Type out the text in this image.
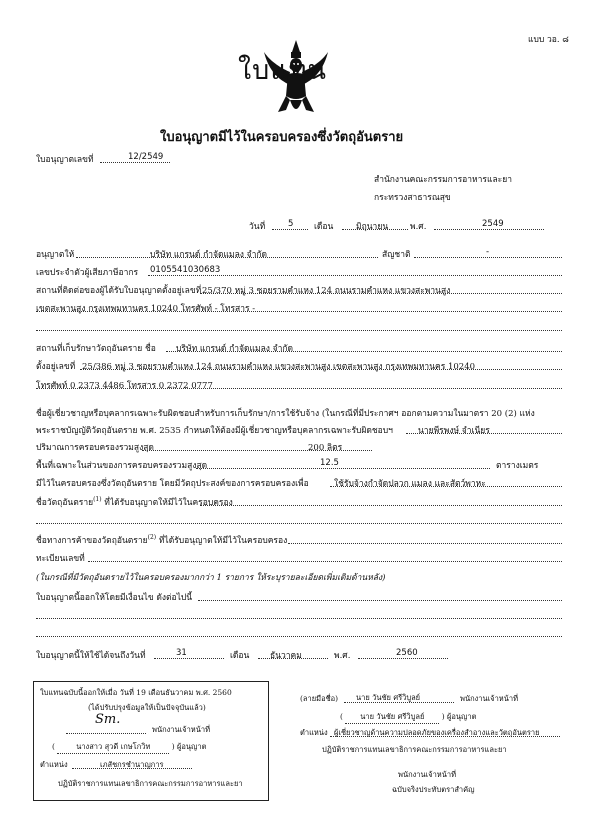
แบบ วอ. ๘
ใบแทน
ใบอนุญาตมีไว้ในครอบครองซึ่งวัตถุอันตราย
ใบอนุญาตเลขที่	12/2549
สำนักงานคณะกรรมการอาหารและยา
กระทรวงสาธารณสุข
วันที่	5 เดือน	มิถุนายน	พ.ศ.	2549
อนุญาตให้	บริษัท แกรนด์ กำจัดแมลง จำกัด	สัญชาติ	-
เลขประจำตัวผู้เสียภาษีอากร 0105541030683
สถานที่ติดต่อของผู้ได้รับใบอนุญาตตั้งอยู่เลขที่ 25/370 หมู่ 3 ซอยรามคำแหง 124 ถนนรามคำแหง แขวงสะพานสูง
เขตสะพานสูง กรุงเทพมหานคร 10240 โทรศัพท์ - โทรสาร -
สถานที่เก็บรักษาวัตถุอันตราย ชื่อ บริษัท แกรนด์ กำจัดแมลง จำกัด
ตั้งอยู่เลขที่ 25/386 หมู่ 3 ซอยรามคำแหง 124 ถนนรามคำแหง แขวงสะพานสูง เขตสะพานสูง กรุงเทพมหานคร 10240
โทรศัพท์ 0 2373 4486 โทรสาร 0 2372 0777
ชื่อผู้เชี่ยวชาญหรือบุคลากรเฉพาะรับผิดชอบสำหรับการเก็บรักษา/การใช้รับจ้าง (ในกรณีที่มีประกาศฯ ออกตามความในมาตรา 20 (2) แห่ง
พระราชบัญญัติวัตถุอันตราย พ.ศ. 2535 กำหนดให้ต้องมีผู้เชี่ยวชาญหรือบุคลากรเฉพาะรับผิดชอบฯ	นายพีรพงษ์ จำเนียร
ปริมาณการครอบครองรวมสูงสุด	200 ลิตร
พื้นที่เฉพาะในส่วนของการครอบครองรวมสูงสุด	12.5	ตารางเมตร
มีไว้ในครอบครองซึ่งวัตถุอันตราย โดยมีวัตถุประสงค์ของการครอบครองเพื่อ	ใช้รับจ้างกำจัดปลวก แมลง และสัตว์พาหะ
ชื่อวัตถุอันตราย$^{(1)}$ ที่ได้รับอนุญาตให้มีไว้ในครอบครอง
ชื่อทางการค้าของวัตถุอันตราย$^{(2)}$ ที่ได้รับอนุญาตให้มีไว้ในครอบครอง
ทะเบียนเลขที่
(ในกรณีที่มีวัตถุอันตรายไว้ในครอบครองมากกว่า 1 รายการ ให้ระบุรายละเอียดเพิ่มเติมด้านหลัง)
ใบอนุญาตนี้ออกให้โดยมีเงื่อนไข ดังต่อไปนี้
ใบอนุญาตนี้ให้ใช้ได้จนถึงวันที่	31	เดือน ธันวาคม	พ.ศ.	2560
ใบแทนฉบับนี้ออกให้เมื่อ วันที่ 19 เดือนธันวาคม พ.ศ. 2560
(ได้ปรับปรุงข้อมูลให้เป็นปัจจุบันแล้ว)
Sm.
พนักงานเจ้าหน้าที่
(	นางสาว สุวดี เกษโกวิท	) ผู้อนุญาต
ตำแหน่ง	เภสัชกรชำนาญการ
ปฏิบัติราชการแทนเลขาธิการคณะกรรมการอาหารและยา
(ลายมือชื่อ) นาย วันชัย ศรีวิบูลย์	พนักงานเจ้าหน้าที่
( นาย วันชัย ศรีวิบูลย์ ) ผู้อนุญาต
ตำแหน่ง ผู้เชี่ยวชาญด้านความปลอดภัยของเครื่องสำอางและวัตถุอันตราย
ปฏิบัติราชการแทนเลขาธิการคณะกรรมการอาหารและยา
พนักงานเจ้าหน้าที่
ฉบับจริงประทับตราสำคัญ
